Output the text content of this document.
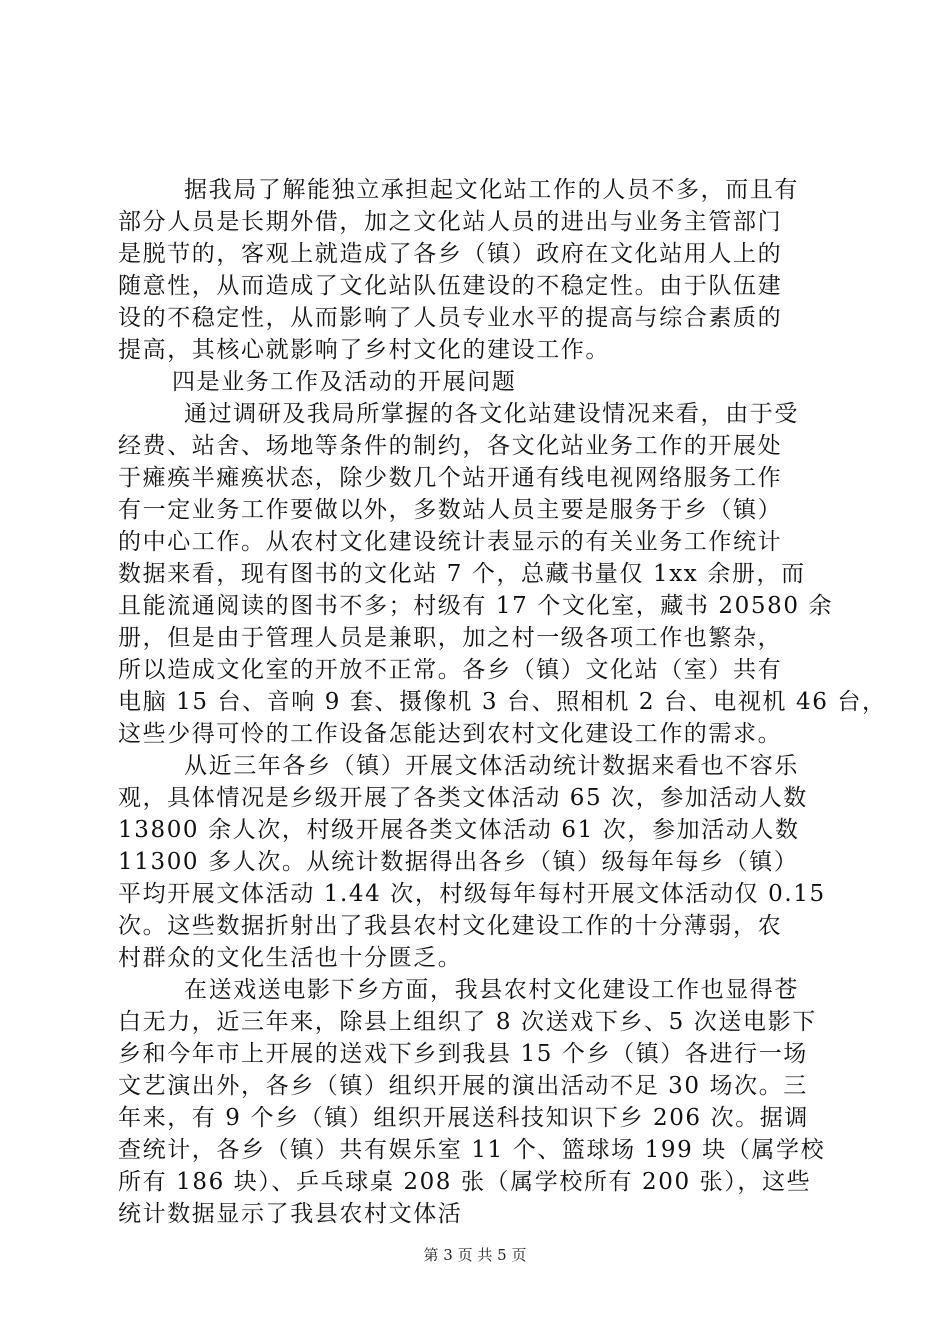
据我局了解能独立承担起文化站工作的人员不多，而且有
部分人员是长期外借，加之文化站人员的进出与业务主管部门
是脱节的，客观上就造成了各乡（镇）政府在文化站用人上的
随意性，从而造成了文化站队伍建设的不稳定性。由于队伍建
设的不稳定性，从而影响了人员专业水平的提高与综合素质的
提高，其核心就影响了乡村文化的建设工作。
四是业务工作及活动的开展问题
通过调研及我局所掌握的各文化站建设情况来看，由于受
经费、站舍、场地等条件的制约，各文化站业务工作的开展处
于瘫痪半瘫痪状态，除少数几个站开通有线电视网络服务工作
有一定业务工作要做以外，多数站人员主要是服务于乡（镇）
的中心工作。从农村文化建设统计表显示的有关业务工作统计
数据来看，现有图书的文化站 7 个，总藏书量仅 1xx 余册，而
且能流通阅读的图书不多；村级有 17 个文化室，藏书 20580 余
册，但是由于管理人员是兼职，加之村一级各项工作也繁杂，
所以造成文化室的开放不正常。各乡（镇）文化站（室）共有
电脑 15 台、音响 9 套、摄像机 3 台、照相机 2 台、电视机 46 台，
这些少得可怜的工作设备怎能达到农村文化建设工作的需求。
从近三年各乡（镇）开展文体活动统计数据来看也不容乐
观，具体情况是乡级开展了各类文体活动 65 次，参加活动人数
13800 余人次，村级开展各类文体活动 61 次，参加活动人数
11300 多人次。从统计数据得出各乡（镇）级每年每乡（镇）
平均开展文体活动 1.44 次，村级每年每村开展文体活动仅 0.15
次。这些数据折射出了我县农村文化建设工作的十分薄弱，农
村群众的文化生活也十分匮乏。
在送戏送电影下乡方面，我县农村文化建设工作也显得苍
白无力，近三年来，除县上组织了 8 次送戏下乡、5 次送电影下
乡和今年市上开展的送戏下乡到我县 15 个乡（镇）各进行一场
文艺演出外，各乡（镇）组织开展的演出活动不足 30 场次。三
年来，有 9 个乡（镇）组织开展送科技知识下乡 206 次。据调
查统计，各乡（镇）共有娱乐室 11 个、篮球场 199 块（属学校
所有 186 块）、乒乓球桌 208 张（属学校所有 200 张），这些
统计数据显示了我县农村文体活
第 3 页 共 5 页
